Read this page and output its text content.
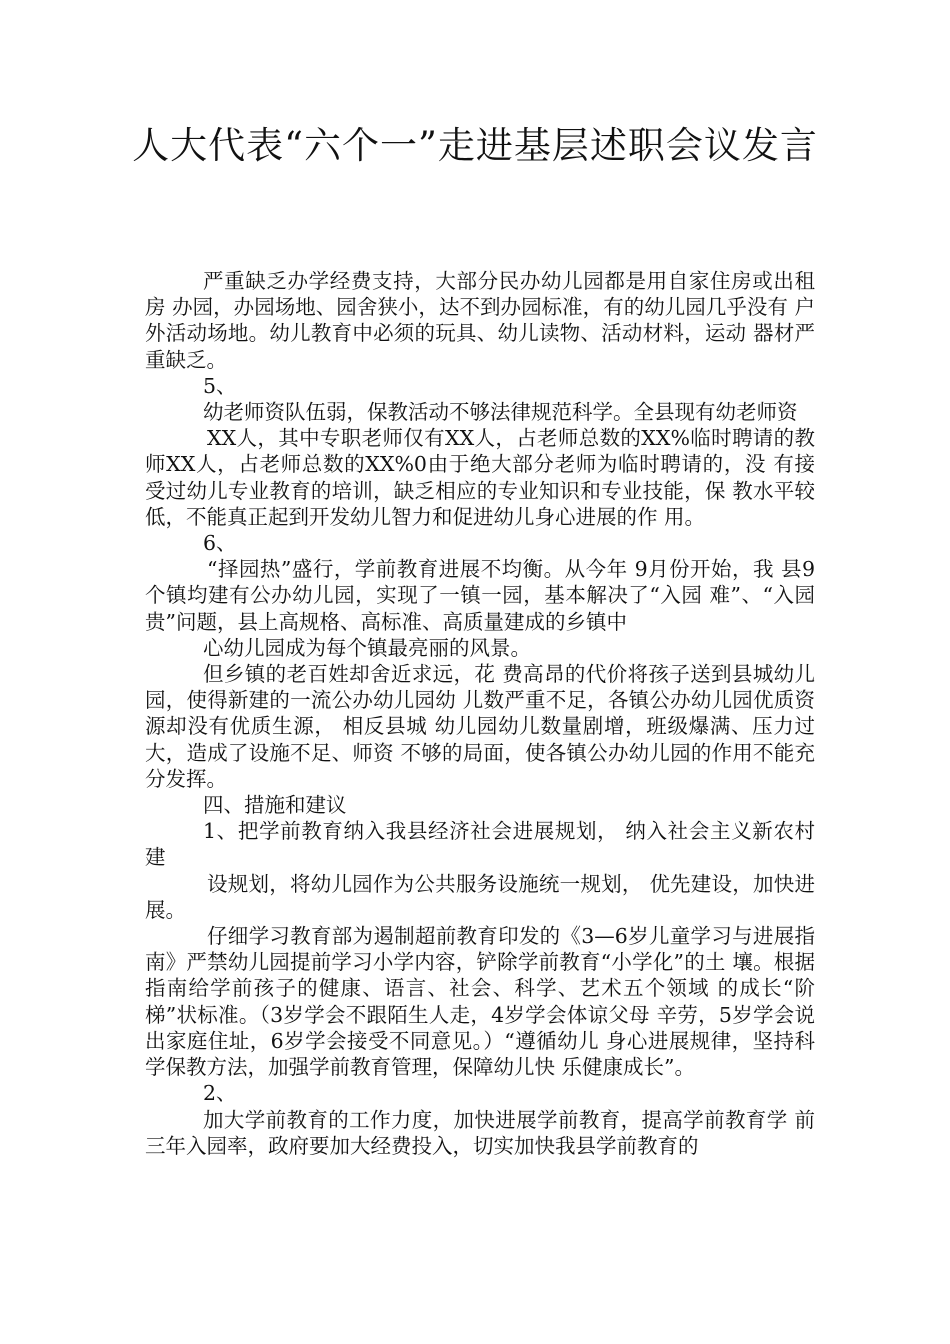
人大代表“六个一”走进基层述职会议发言

严重缺乏办学经费支持，大部分民办幼儿园都是用自家住房或出租房 办园，办园场地、园舍狭小，达不到办园标准，有的幼儿园几乎没有 户外活动场地。幼儿教育中必须的玩具、幼儿读物、活动材料，运动 器材严重缺乏。

5、

幼老师资队伍弱，保教活动不够法律规范科学。全县现有幼老师资

XX人，其中专职老师仅有XX人，占老师总数的XX%临时聘请的教 师XX人，占老师总数的XX%0由于绝大部分老师为临时聘请的，没 有接受过幼儿专业教育的培训，缺乏相应的专业知识和专业技能，保 教水平较低，不能真正起到开发幼儿智力和促进幼儿身心进展的作 用。

6、

“择园热”盛行，学前教育进展不均衡。从今年 9月份开始，我 县9个镇均建有公办幼儿园，实现了一镇一园，基本解决了“入园 难”、“入园贵”问题，县上高规格、高标准、高质量建成的乡镇中

心幼儿园成为每个镇最亮丽的风景。

但乡镇的老百姓却舍近求远，花 费高昂的代价将孩子送到县城幼儿园，使得新建的一流公办幼儿园幼 儿数严重不足，各镇公办幼儿园优质资源却没有优质生源， 相反县城 幼儿园幼儿数量剧增，班级爆满、压力过大，造成了设施不足、师资 不够的局面，使各镇公办幼儿园的作用不能充分发挥。

四、措施和建议

1、把学前教育纳入我县经济社会进展规划， 纳入社会主义新农村建

设规划，将幼儿园作为公共服务设施统一规划， 优先建设，加快进展。

仔细学习教育部为遏制超前教育印发的《3—6岁儿童学习与进展指 南》严禁幼儿园提前学习小学内容，铲除学前教育“小学化”的土 壤。根据指南给学前孩子的健康、语言、社会、科学、艺术五个领域 的成长“阶梯”状标准。（3岁学会不跟陌生人走，4岁学会体谅父母 辛劳，5岁学会说出家庭住址，6岁学会接受不同意见。）“遵循幼儿 身心进展规律，坚持科学保教方法，加强学前教育管理，保障幼儿快 乐健康成长”。

2、

加大学前教育的工作力度，加快进展学前教育，提高学前教育学 前三年入园率，政府要加大经费投入，切实加快我县学前教育的
